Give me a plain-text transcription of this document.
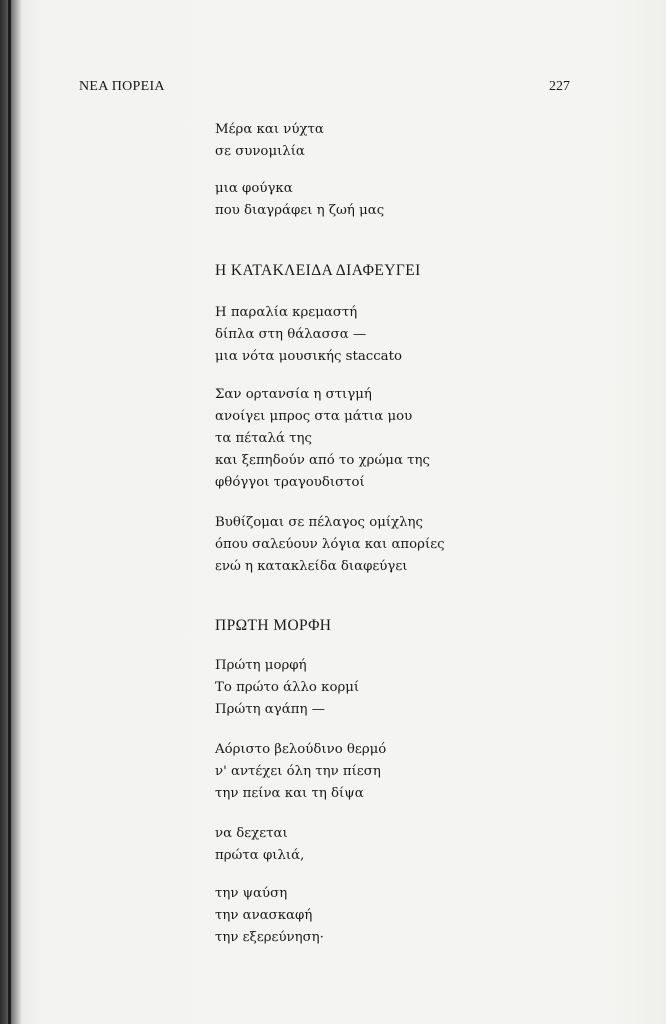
ΝΕΑ ΠΟΡΕΙΑ	227
Μέρα και νύχτα
σε συνομιλία
μια φούγκα
που διαγράφει η ζωή μας
Η ΚΑΤΑΚΛΕΙΔΑ ΔΙΑΦΕΥΓΕΙ
Η παραλία κρεμαστή
δίπλα στη θάλασσα —
μια νότα μουσικής staccato
Σαν ορτανσία η στιγμή
ανοίγει μπρος στα μάτια μου
τα πέταλά της
και ξεπηδούν από το χρώμα της
φθόγγοι τραγουδιστοί
Βυθίζομαι σε πέλαγος ομίχλης
όπου σαλεύουν λόγια και απορίες
ενώ η κατακλείδα διαφεύγει
ΠΡΩΤΗ ΜΟΡΦΗ
Πρώτη μορφή
Το πρώτο άλλο κορμί
Πρώτη αγάπη —
Αόριστο βελούδινο θερμό
ν' αντέχει όλη την πίεση
την πείνα και τη δίψα
να δεχεται
πρώτα φιλιά,
την ψαύση
την ανασκαφή
την εξερεύνηση·
